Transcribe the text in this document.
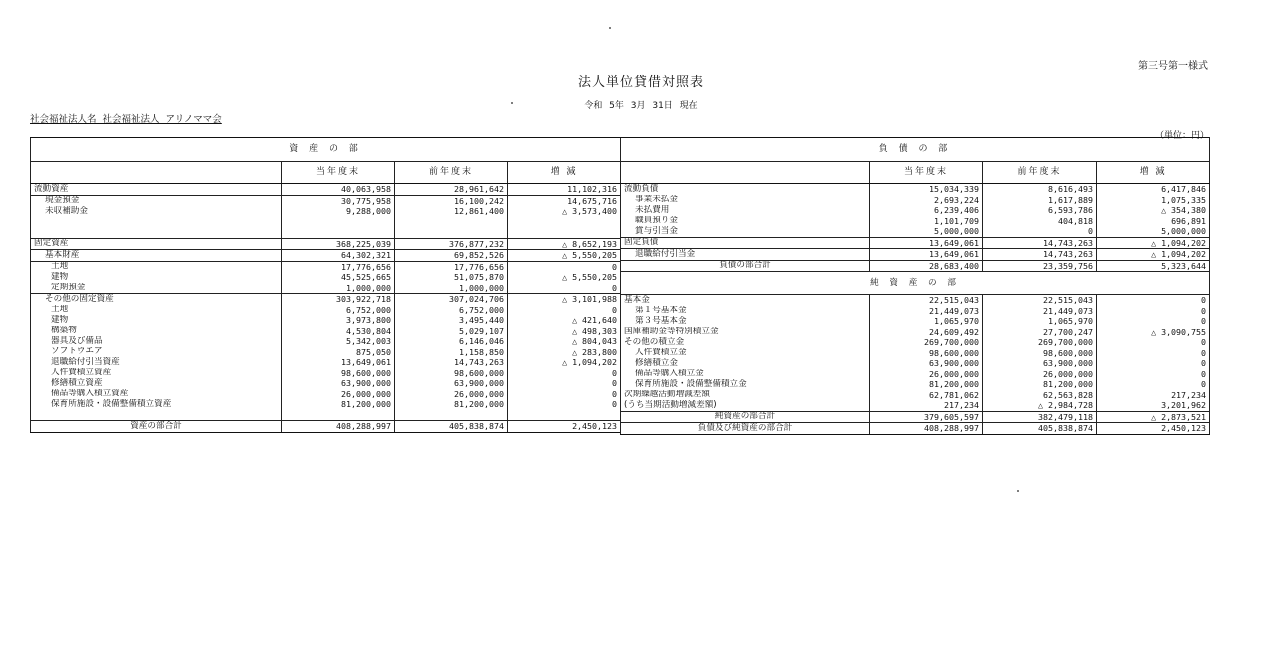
第三号第一様式
法人単位貸借対照表
令和 5年 3月 31日 現在
社会福祉法人名 社会福祉法人 アリノママ会
（単位：円）
資 産 の 部			
	当年度末	前年度末	増 減
流動資産	40,063,958	28,961,642	11,102,316
現金預金	30,775,958	16,100,242	14,675,716
未収補助金	9,288,000	12,861,400	△ 3,573,400

固定資産	368,225,039	376,877,232	△ 8,652,193
基本財産	64,302,321	69,852,526	△ 5,550,205
土地	17,776,656	17,776,656	0
建物	45,525,665	51,075,870	△ 5,550,205
定期預金	1,000,000	1,000,000	0
その他の固定資産	303,922,718	307,024,706	△ 3,101,988
土地	6,752,000	6,752,000	0
建物	3,973,800	3,495,440	△ 421,640
構築物	4,530,804	5,029,107	△ 498,303
器具及び備品	5,342,003	6,146,046	△ 804,043
ソフトウエア	875,050	1,158,850	△ 283,800
退職給付引当資産	13,649,061	14,743,263	△ 1,094,202
人件費積立資産	98,600,000	98,600,000	0
修繕積立資産	63,900,000	63,900,000	0
備品等購入積立資産	26,000,000	26,000,000	0
保育所施設・設備整備積立資産	81,200,000	81,200,000	0

資産の部合計	408,288,997	405,838,874	2,450,123
負 債 の 部			
	当年度末	前年度末	増 減
流動負債	15,034,339	8,616,493	6,417,846
事業未払金	2,693,224	1,617,889	1,075,335
未払費用	6,239,406	6,593,786	△ 354,380
職員預り金	1,101,709	404,818	696,891
賞与引当金	5,000,000	0	5,000,000
固定負債	13,649,061	14,743,263	△ 1,094,202
退職給付引当金	13,649,061	14,743,263	△ 1,094,202
負債の部合計	28,683,400	23,359,756	5,323,644
純 資 産 の 部			
基本金	22,515,043	22,515,043	0
第１号基本金	21,449,073	21,449,073	0
第３号基本金	1,065,970	1,065,970	0
国庫補助金等特別積立金	24,609,492	27,700,247	△ 3,090,755
その他の積立金	269,700,000	269,700,000	0
人件費積立金	98,600,000	98,600,000	0
修繕積立金	63,900,000	63,900,000	0
備品等購入積立金	26,000,000	26,000,000	0
保育所施設・設備整備積立金	81,200,000	81,200,000	0
次期繰越活動増減差額	62,781,062	62,563,828	217,234
(うち当期活動増減差額)	217,234	△ 2,984,728	3,201,962
純資産の部合計	379,605,597	382,479,118	△ 2,873,521
負債及び純資産の部合計	408,288,997	405,838,874	2,450,123
